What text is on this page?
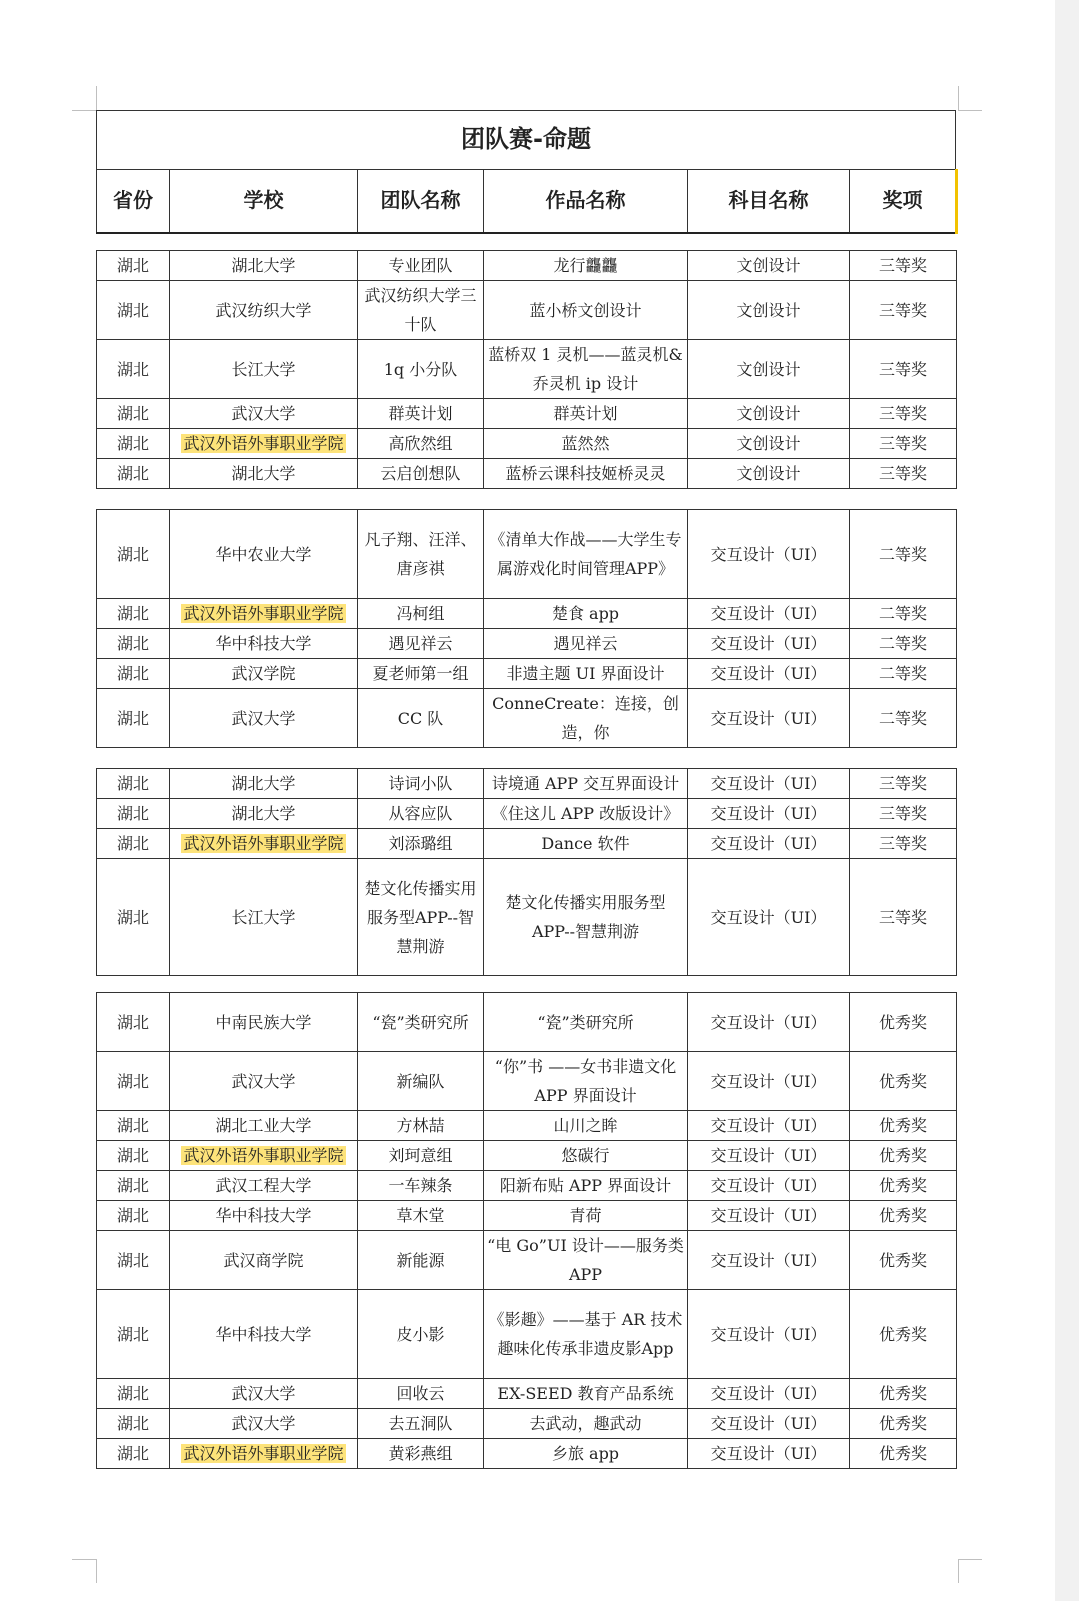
团队赛-命题
省份	学校	团队名称	作品名称	科目名称	奖项
湖北	湖北大学	专业团队	龙行龘龘	文创设计	三等奖
湖北	武汉纺织大学	武汉纺织大学三十队	蓝小桥文创设计	文创设计	三等奖
湖北	长江大学	1q 小分队	蓝桥双 1 灵机——蓝灵机&乔灵机 ip 设计	文创设计	三等奖
湖北	武汉大学	群英计划	群英计划	文创设计	三等奖
湖北	武汉外语外事职业学院	高欣然组	蓝然然	文创设计	三等奖
湖北	湖北大学	云启创想队	蓝桥云课科技姬桥灵灵	文创设计	三等奖
湖北	华中农业大学	凡子翔、汪洋、唐彦祺	《清单大作战——大学生专属游戏化时间管理APP》	交互设计（UI）	二等奖
湖北	武汉外语外事职业学院	冯柯组	楚食 app	交互设计（UI）	二等奖
湖北	华中科技大学	遇见祥云	遇见祥云	交互设计（UI）	二等奖
湖北	武汉学院	夏老师第一组	非遗主题 UI 界面设计	交互设计（UI）	二等奖
湖北	武汉大学	CC 队	ConneCreate：连接，创造，你	交互设计（UI）	二等奖
湖北	湖北大学	诗词小队	诗境通 APP 交互界面设计	交互设计（UI）	三等奖
湖北	湖北大学	从容应队	《住这儿 APP 改版设计》	交互设计（UI）	三等奖
湖北	武汉外语外事职业学院	刘添璐组	Dance 软件	交互设计（UI）	三等奖
湖北	长江大学	楚文化传播实用服务型APP--智慧荆游	楚文化传播实用服务型APP--智慧荆游	交互设计（UI）	三等奖
湖北	中南民族大学	“瓷”类研究所	“瓷”类研究所	交互设计（UI）	优秀奖
湖北	武汉大学	新编队	“你”书 ——女书非遗文化 APP 界面设计	交互设计（UI）	优秀奖
湖北	湖北工业大学	方林喆	山川之眸	交互设计（UI）	优秀奖
湖北	武汉外语外事职业学院	刘珂意组	悠碳行	交互设计（UI）	优秀奖
湖北	武汉工程大学	一车辣条	阳新布贴 APP 界面设计	交互设计（UI）	优秀奖
湖北	华中科技大学	草木堂	青荷	交互设计（UI）	优秀奖
湖北	武汉商学院	新能源	“电 Go”UI 设计——服务类 APP	交互设计（UI）	优秀奖
湖北	华中科技大学	皮小影	《影趣》——基于 AR 技术趣味化传承非遗皮影App	交互设计（UI）	优秀奖
湖北	武汉大学	回收云	EX-SEED 教育产品系统	交互设计（UI）	优秀奖
湖北	武汉大学	去五洞队	去武动，趣武动	交互设计（UI）	优秀奖
湖北	武汉外语外事职业学院	黄彩燕组	乡旅 app	交互设计（UI）	优秀奖
